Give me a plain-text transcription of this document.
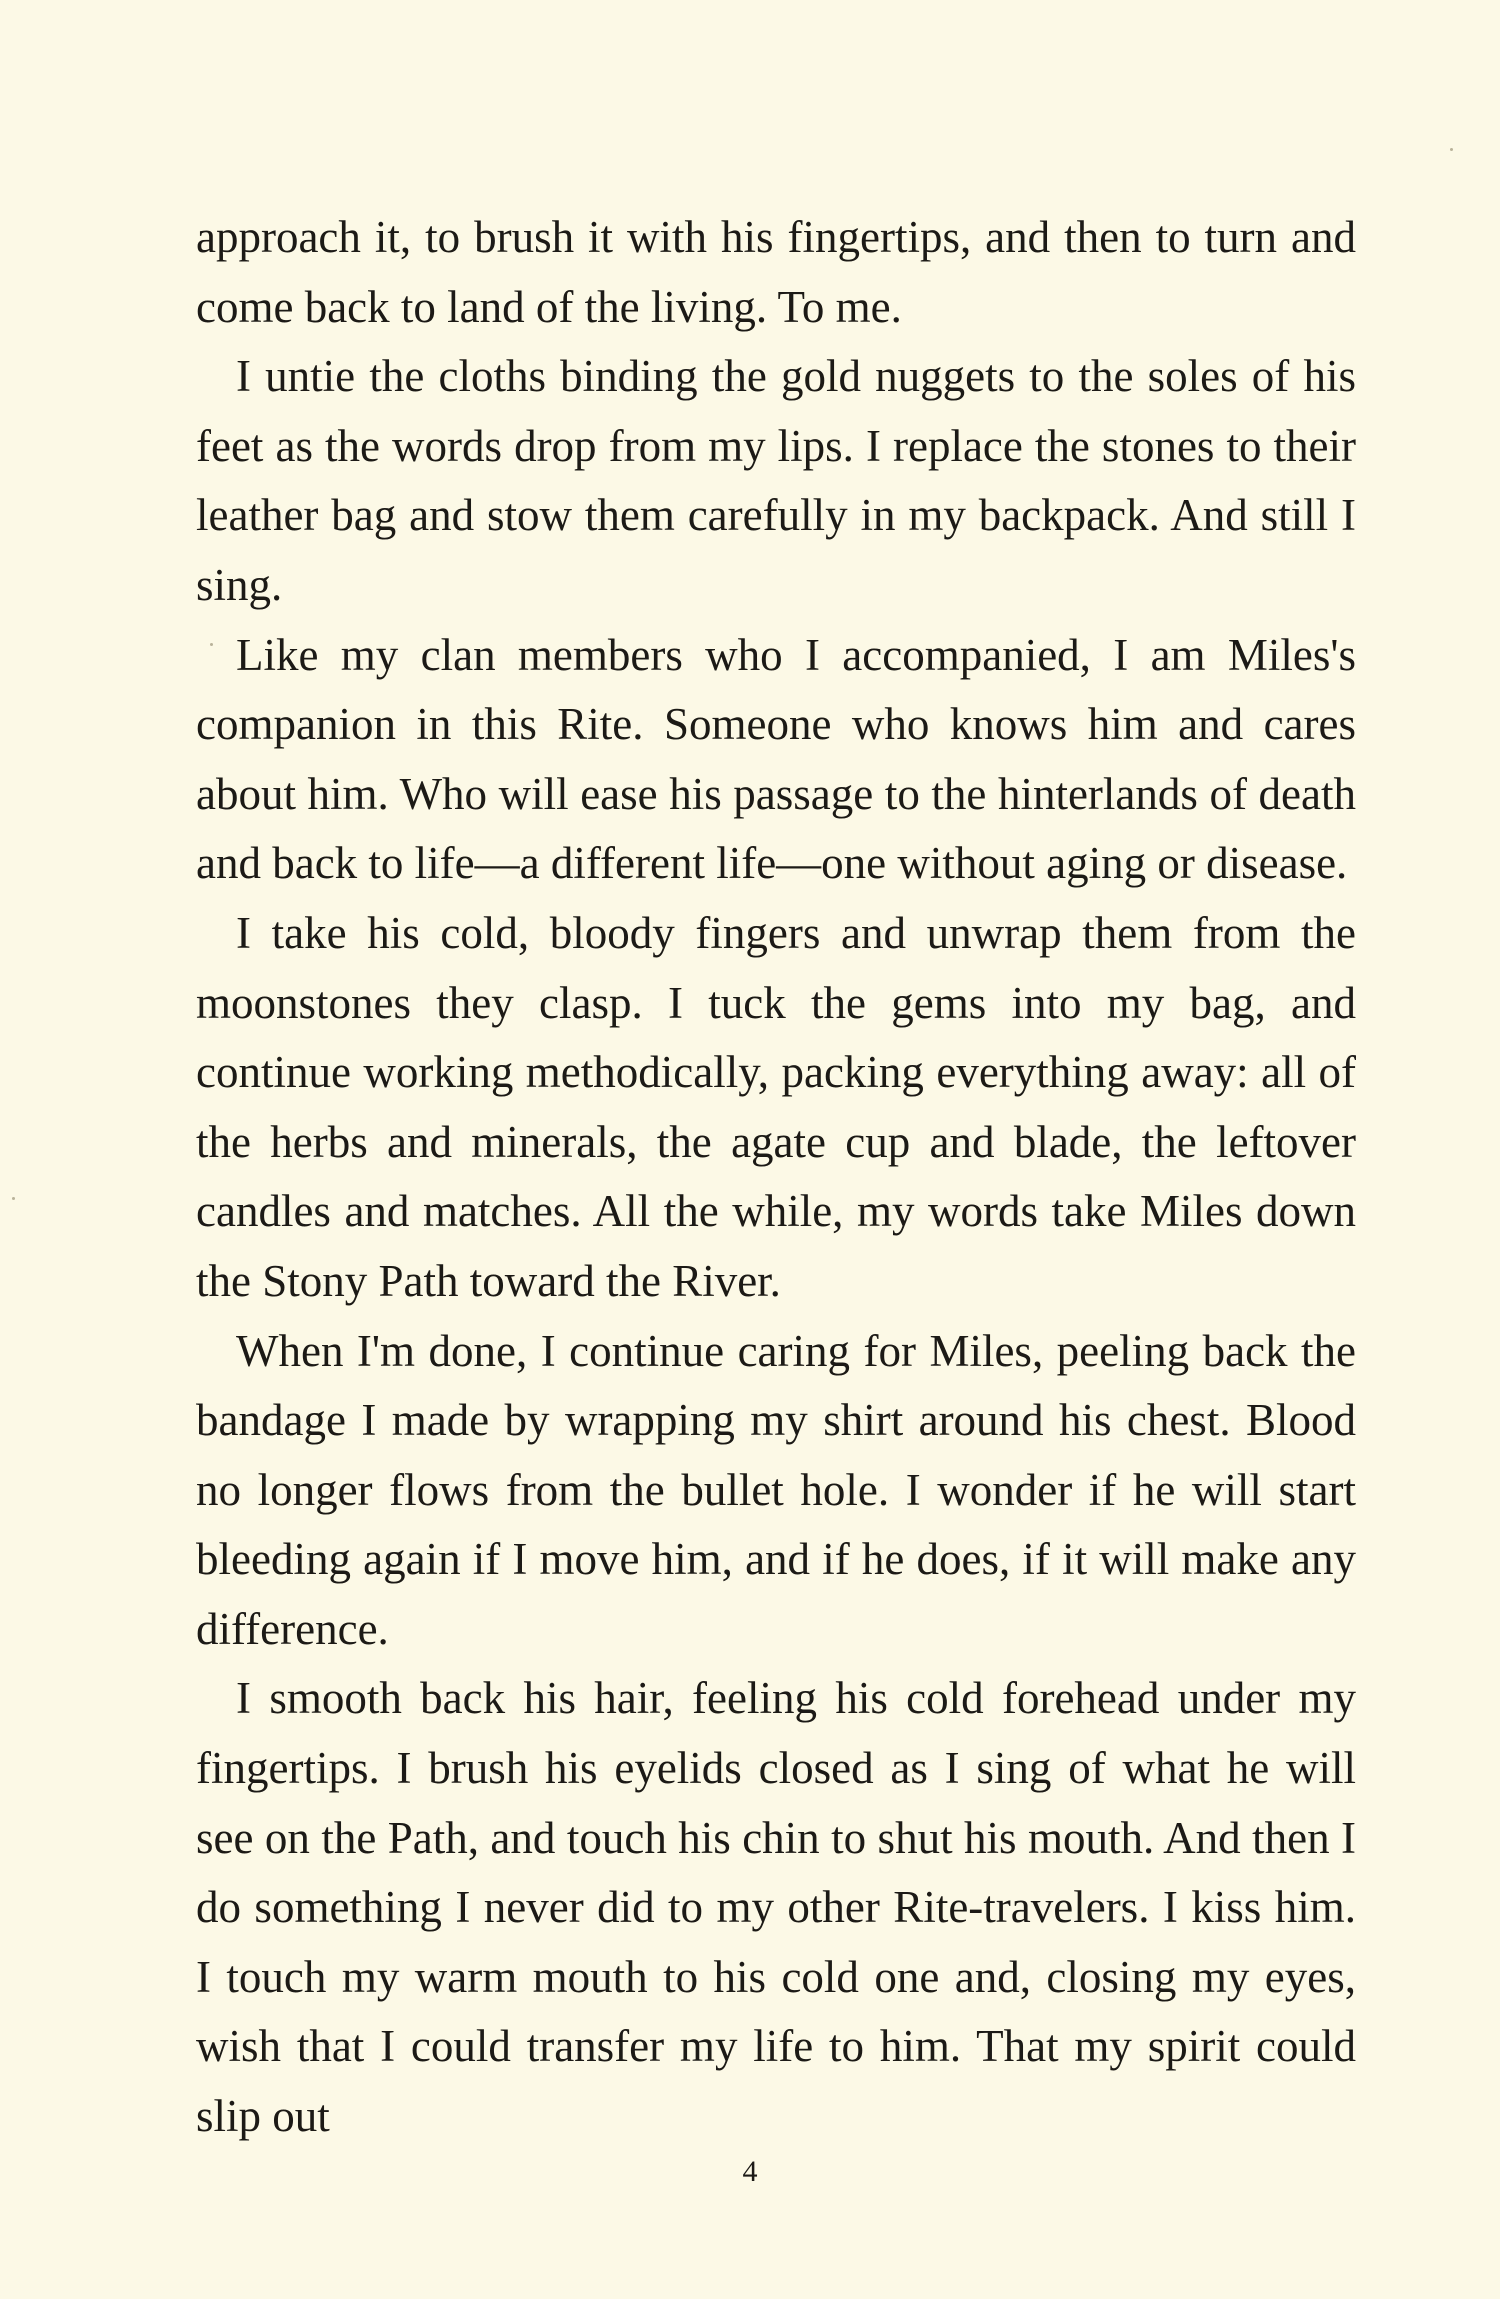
approach it, to brush it with his fingertips, and then to turn and come back to land of the living. To me.

I untie the cloths binding the gold nuggets to the soles of his feet as the words drop from my lips. I replace the stones to their leather bag and stow them carefully in my backpack. And still I sing.

Like my clan members who I accompanied, I am Miles's companion in this Rite. Someone who knows him and cares about him. Who will ease his passage to the hinterlands of death and back to life—a different life—one without aging or disease.

I take his cold, bloody fingers and unwrap them from the moonstones they clasp. I tuck the gems into my bag, and continue working methodically, packing everything away: all of the herbs and minerals, the agate cup and blade, the leftover candles and matches. All the while, my words take Miles down the Stony Path toward the River.

When I'm done, I continue caring for Miles, peeling back the bandage I made by wrapping my shirt around his chest. Blood no longer flows from the bullet hole. I wonder if he will start bleeding again if I move him, and if he does, if it will make any difference.

I smooth back his hair, feeling his cold forehead under my fingertips. I brush his eyelids closed as I sing of what he will see on the Path, and touch his chin to shut his mouth. And then I do something I never did to my other Rite-travelers. I kiss him. I touch my warm mouth to his cold one and, closing my eyes, wish that I could transfer my life to him. That my spirit could slip out

4
